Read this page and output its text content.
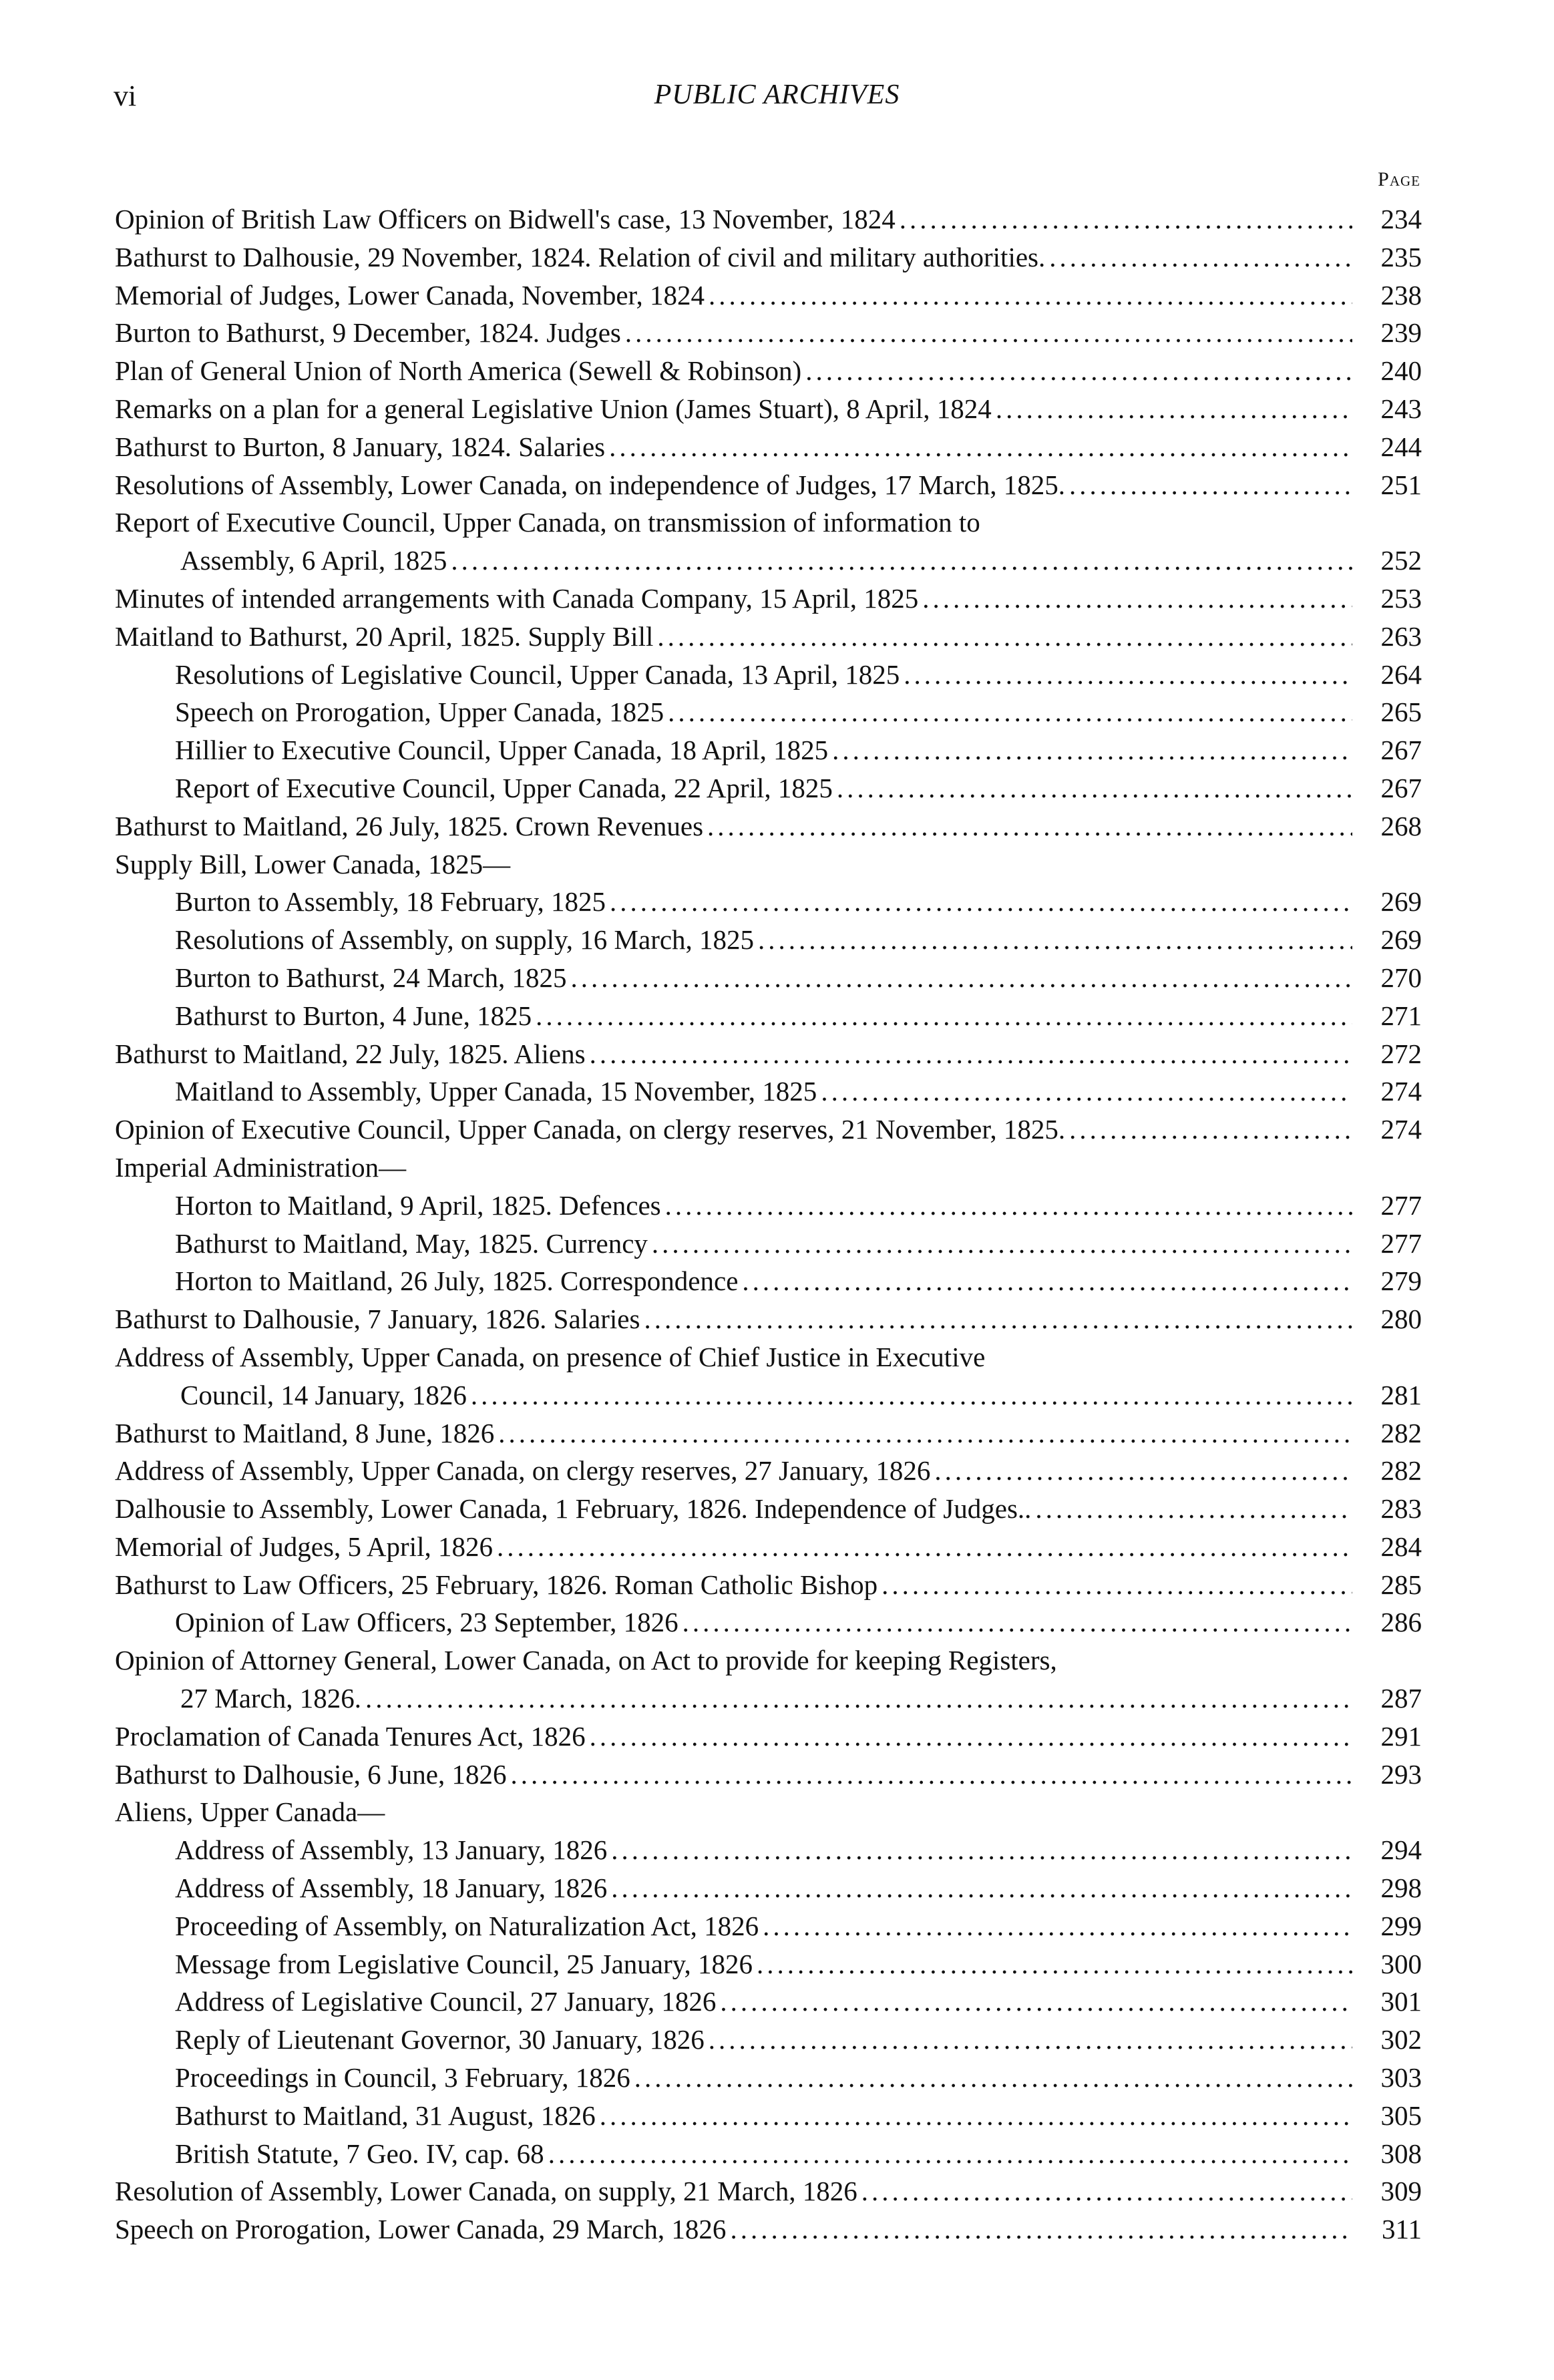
vi	PUBLIC ARCHIVES
Page
Opinion of British Law Officers on Bidwell's case, 13 November, 1824 .....	234
Bathurst to Dalhousie, 29 November, 1824. Relation of civil and military authorities. .....	235
Memorial of Judges, Lower Canada, November, 1824 .....	238
Burton to Bathurst, 9 December, 1824. Judges .....	239
Plan of General Union of North America (Sewell & Robinson) .....	240
Remarks on a plan for a general Legislative Union (James Stuart), 8 April, 1824 .....	243
Bathurst to Burton, 8 January, 1824. Salaries .....	244
Resolutions of Assembly, Lower Canada, on independence of Judges, 17 March, 1825. .....	251
Report of Executive Council, Upper Canada, on transmission of information to
Assembly, 6 April, 1825 .....	252
Minutes of intended arrangements with Canada Company, 15 April, 1825 .....	253
Maitland to Bathurst, 20 April, 1825. Supply Bill .....	263
Resolutions of Legislative Council, Upper Canada, 13 April, 1825 .....	264
Speech on Prorogation, Upper Canada, 1825 .....	265
Hillier to Executive Council, Upper Canada, 18 April, 1825 .....	267
Report of Executive Council, Upper Canada, 22 April, 1825 .....	267
Bathurst to Maitland, 26 July, 1825. Crown Revenues .....	268
Supply Bill, Lower Canada, 1825—
Burton to Assembly, 18 February, 1825 .....	269
Resolutions of Assembly, on supply, 16 March, 1825 .....	269
Burton to Bathurst, 24 March, 1825 .....	270
Bathurst to Burton, 4 June, 1825 .....	271
Bathurst to Maitland, 22 July, 1825. Aliens .....	272
Maitland to Assembly, Upper Canada, 15 November, 1825 .....	274
Opinion of Executive Council, Upper Canada, on clergy reserves, 21 November, 1825. .....	274
Imperial Administration—
Horton to Maitland, 9 April, 1825. Defences .....	277
Bathurst to Maitland, May, 1825. Currency .....	277
Horton to Maitland, 26 July, 1825. Correspondence .....	279
Bathurst to Dalhousie, 7 January, 1826. Salaries .....	280
Address of Assembly, Upper Canada, on presence of Chief Justice in Executive
Council, 14 January, 1826 .....	281
Bathurst to Maitland, 8 June, 1826 .....	282
Address of Assembly, Upper Canada, on clergy reserves, 27 January, 1826 .....	282
Dalhousie to Assembly, Lower Canada, 1 February, 1826. Independence of Judges.. .....	283
Memorial of Judges, 5 April, 1826 .....	284
Bathurst to Law Officers, 25 February, 1826. Roman Catholic Bishop .....	285
Opinion of Law Officers, 23 September, 1826 .....	286
Opinion of Attorney General, Lower Canada, on Act to provide for keeping Registers,
27 March, 1826. .....	287
Proclamation of Canada Tenures Act, 1826 .....	291
Bathurst to Dalhousie, 6 June, 1826 .....	293
Aliens, Upper Canada—
Address of Assembly, 13 January, 1826 .....	294
Address of Assembly, 18 January, 1826 .....	298
Proceeding of Assembly, on Naturalization Act, 1826 .....	299
Message from Legislative Council, 25 January, 1826 .....	300
Address of Legislative Council, 27 January, 1826 .....	301
Reply of Lieutenant Governor, 30 January, 1826 .....	302
Proceedings in Council, 3 February, 1826 .....	303
Bathurst to Maitland, 31 August, 1826 .....	305
British Statute, 7 Geo. IV, cap. 68 .....	308
Resolution of Assembly, Lower Canada, on supply, 21 March, 1826 .....	309
Speech on Prorogation, Lower Canada, 29 March, 1826 .....	311
